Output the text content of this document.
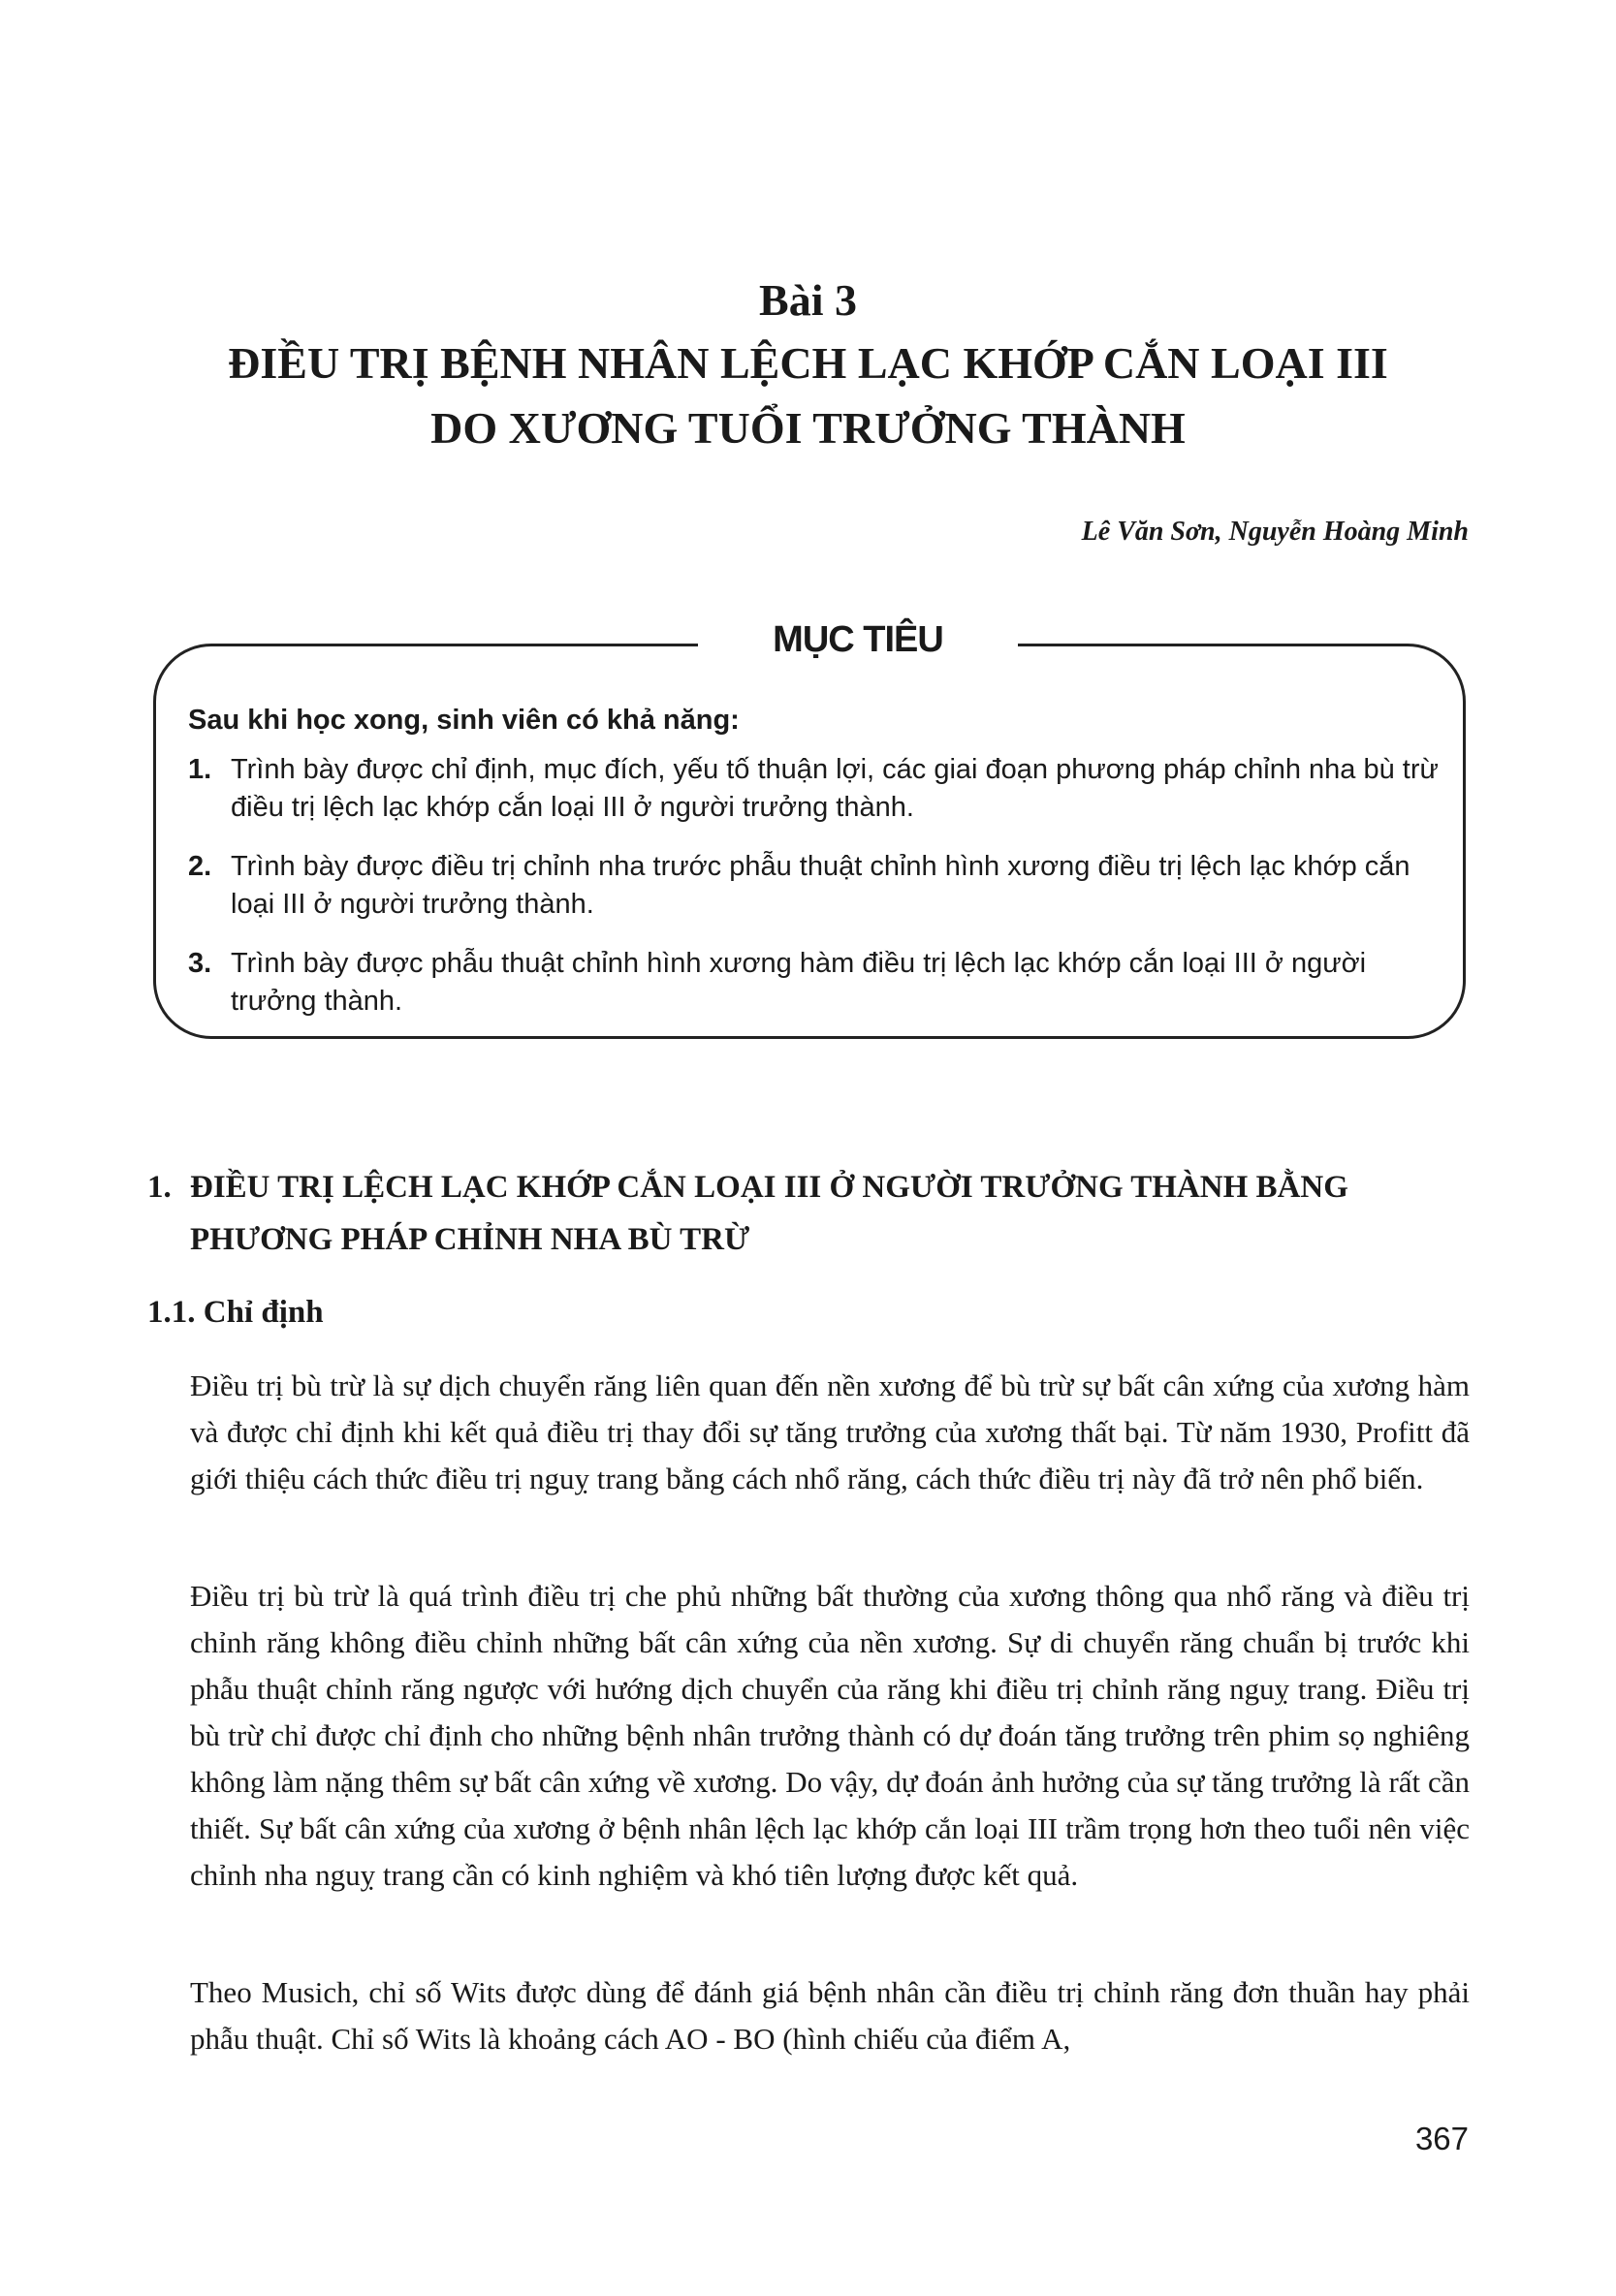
Bài 3
ĐIỀU TRỊ BỆNH NHÂN LỆCH LẠC KHỚP CẮN LOẠI III
DO XƯƠNG TUỔI TRƯỞNG THÀNH
Lê Văn Sơn, Nguyễn Hoàng Minh
MỤC TIÊU
Sau khi học xong, sinh viên có khả năng:
1. Trình bày được chỉ định, mục đích, yếu tố thuận lợi, các giai đoạn phương pháp chỉnh nha bù trừ điều trị lệch lạc khớp cắn loại III ở người trưởng thành.
2. Trình bày được điều trị chỉnh nha trước phẫu thuật chỉnh hình xương điều trị lệch lạc khớp cắn loại III ở người trưởng thành.
3. Trình bày được phẫu thuật chỉnh hình xương hàm điều trị lệch lạc khớp cắn loại III ở người trưởng thành.
1. ĐIỀU TRỊ LỆCH LẠC KHỚP CẮN LOẠI III Ở NGƯỜI TRƯỞNG THÀNH BẰNG PHƯƠNG PHÁP CHỈNH NHA BÙ TRỪ
1.1. Chỉ định
Điều trị bù trừ là sự dịch chuyển răng liên quan đến nền xương để bù trừ sự bất cân xứng của xương hàm và được chỉ định khi kết quả điều trị thay đổi sự tăng trưởng của xương thất bại. Từ năm 1930, Profitt đã giới thiệu cách thức điều trị nguỵ trang bằng cách nhổ răng, cách thức điều trị này đã trở nên phổ biến.
Điều trị bù trừ là quá trình điều trị che phủ những bất thường của xương thông qua nhổ răng và điều trị chỉnh răng không điều chỉnh những bất cân xứng của nền xương. Sự di chuyển răng chuẩn bị trước khi phẫu thuật chỉnh răng ngược với hướng dịch chuyển của răng khi điều trị chỉnh răng nguỵ trang. Điều trị bù trừ chỉ được chỉ định cho những bệnh nhân trưởng thành có dự đoán tăng trưởng trên phim sọ nghiêng không làm nặng thêm sự bất cân xứng về xương. Do vậy, dự đoán ảnh hưởng của sự tăng trưởng là rất cần thiết. Sự bất cân xứng của xương ở bệnh nhân lệch lạc khớp cắn loại III trầm trọng hơn theo tuổi nên việc chỉnh nha nguỵ trang cần có kinh nghiệm và khó tiên lượng được kết quả.
Theo Musich, chỉ số Wits được dùng để đánh giá bệnh nhân cần điều trị chỉnh răng đơn thuần hay phải phẫu thuật. Chỉ số Wits là khoảng cách AO - BO (hình chiếu của điểm A,
367
